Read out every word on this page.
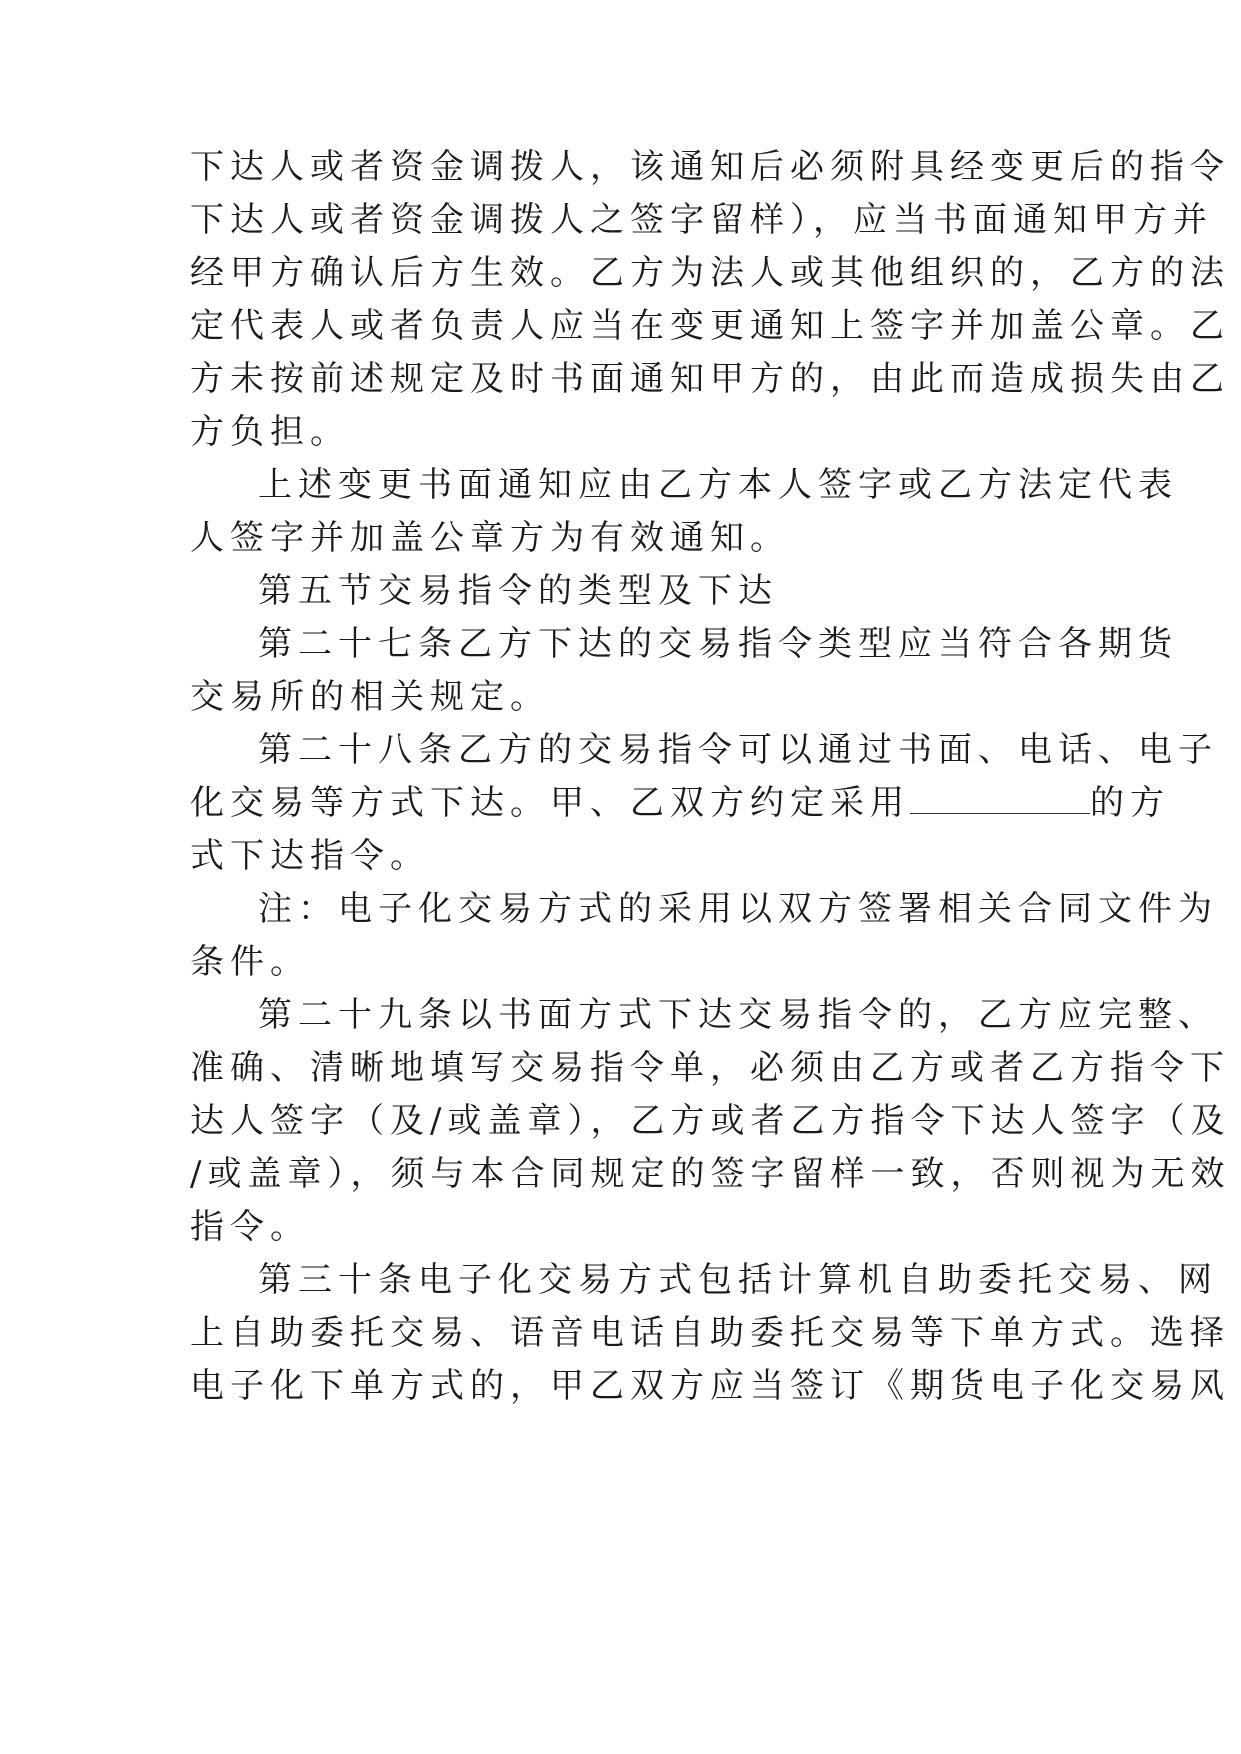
下达人或者资金调拨人，该通知后必须附具经变更后的指令
下达人或者资金调拨人之签字留样），应当书面通知甲方并
经甲方确认后方生效。乙方为法人或其他组织的，乙方的法
定代表人或者负责人应当在变更通知上签字并加盖公章。乙
方未按前述规定及时书面通知甲方的，由此而造成损失由乙
方负担。
上述变更书面通知应由乙方本人签字或乙方法定代表
人签字并加盖公章方为有效通知。
第五节交易指令的类型及下达
第二十七条乙方下达的交易指令类型应当符合各期货
交易所的相关规定。
第二十八条乙方的交易指令可以通过书面、电话、电子
化交易等方式下达。甲、乙双方约定采用	的方
式下达指令。
注：电子化交易方式的采用以双方签署相关合同文件为
条件。
第二十九条以书面方式下达交易指令的，乙方应完整、
准确、清晰地填写交易指令单，必须由乙方或者乙方指令下
达人签字（及/或盖章），乙方或者乙方指令下达人签字（及
/或盖章），须与本合同规定的签字留样一致，否则视为无效
指令。
第三十条电子化交易方式包括计算机自助委托交易、网
上自助委托交易、语音电话自助委托交易等下单方式。选择
电子化下单方式的，甲乙双方应当签订《期货电子化交易风
